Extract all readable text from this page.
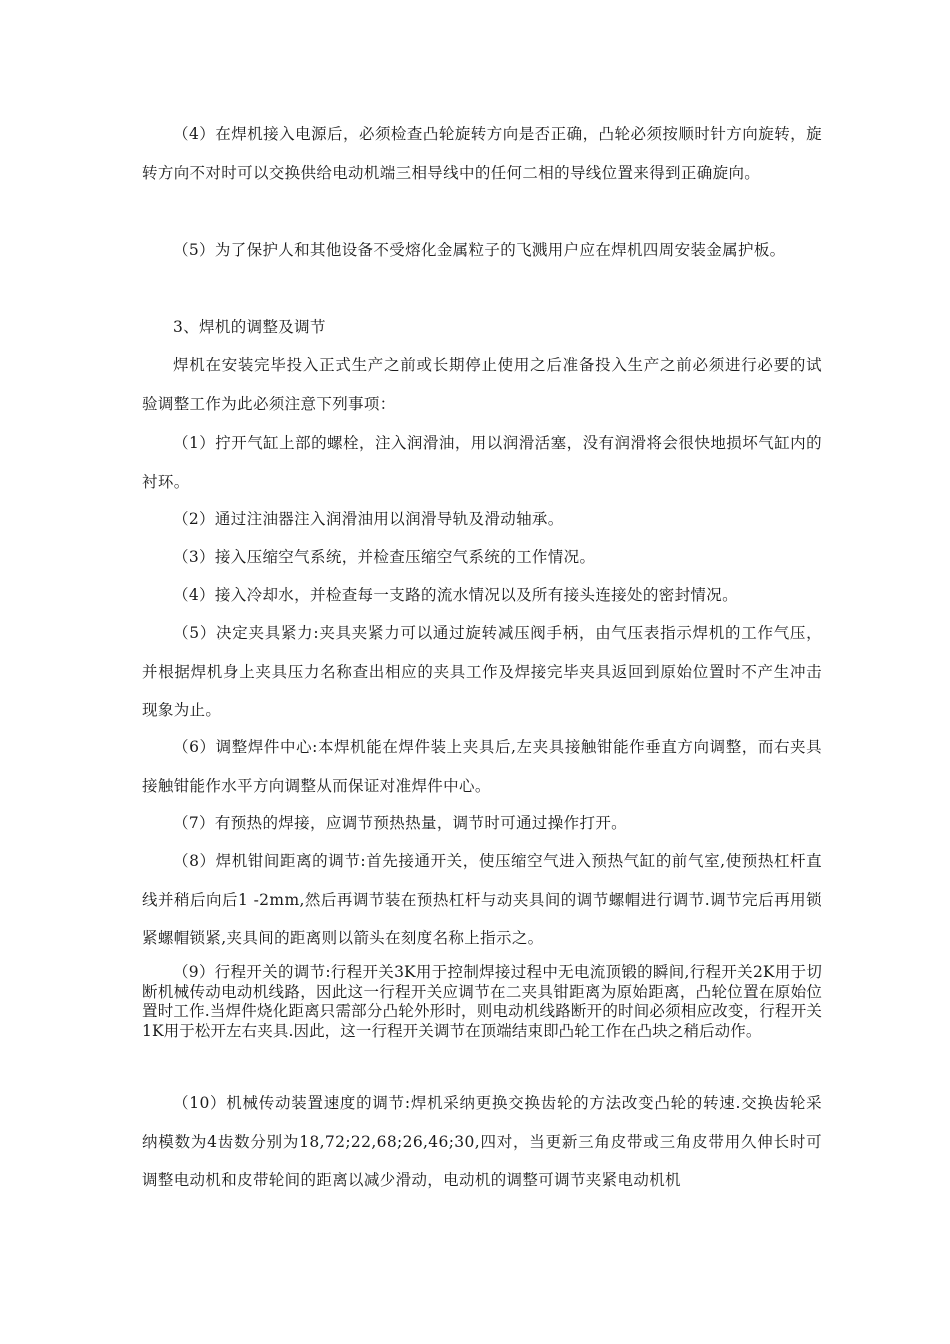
（4）在焊机接入电源后，必须检查凸轮旋转方向是否正确，凸轮必须按顺时针方向旋转，旋转方向不对时可以交换供给电动机端三相导线中的任何二相的导线位置来得到正确旋向。

（5）为了保护人和其他设备不受熔化金属粒子的飞溅用户应在焊机四周安装金属护板。

3、焊机的调整及调节

焊机在安装完毕投入正式生产之前或长期停止使用之后准备投入生产之前必须进行必要的试验调整工作为此必须注意下列事项：

（1）拧开气缸上部的螺栓，注入润滑油，用以润滑活塞，没有润滑将会很快地损坏气缸内的衬环。

（2）通过注油器注入润滑油用以润滑导轨及滑动轴承。

（3）接入压缩空气系统，并检查压缩空气系统的工作情况。

（4）接入冷却水，并检查每一支路的流水情况以及所有接头连接处的密封情况。

（5）决定夹具紧力:夹具夹紧力可以通过旋转减压阀手柄，由气压表指示焊机的工作气压，并根据焊机身上夹具压力名称查出相应的夹具工作及焊接完毕夹具返回到原始位置时不产生冲击现象为止。

（6）调整焊件中心:本焊机能在焊件装上夹具后,左夹具接触钳能作垂直方向调整，而右夹具接触钳能作水平方向调整从而保证对准焊件中心。

（7）有预热的焊接，应调节预热热量，调节时可通过操作打开。

（8）焊机钳间距离的调节:首先接通开关，使压缩空气进入预热气缸的前气室,使预热杠杆直线并稍后向后1 -2mm,然后再调节装在预热杠杆与动夹具间的调节螺帽进行调节.调节完后再用锁紧螺帽锁紧,夹具间的距离则以箭头在刻度名称上指示之。

（9）行程开关的调节:行程开关3K用于控制焊接过程中无电流顶锻的瞬间,行程开关2K用于切断机械传动电动机线路，因此这一行程开关应调节在二夹具钳距离为原始距离，凸轮位置在原始位置时工作.当焊件烧化距离只需部分凸轮外形时，则电动机线路断开的时间必须相应改变，行程开关1K用于松开左右夹具.因此，这一行程开关调节在顶端结束即凸轮工作在凸块之稍后动作。

（10）机械传动装置速度的调节:焊机采纳更换交换齿轮的方法改变凸轮的转速.交换齿轮采纳模数为4齿数分别为18,72;22,68;26,46;30,四对，当更新三角皮带或三角皮带用久伸长时可调整电动机和皮带轮间的距离以减少滑动，电动机的调整可调节夹紧电动机机
